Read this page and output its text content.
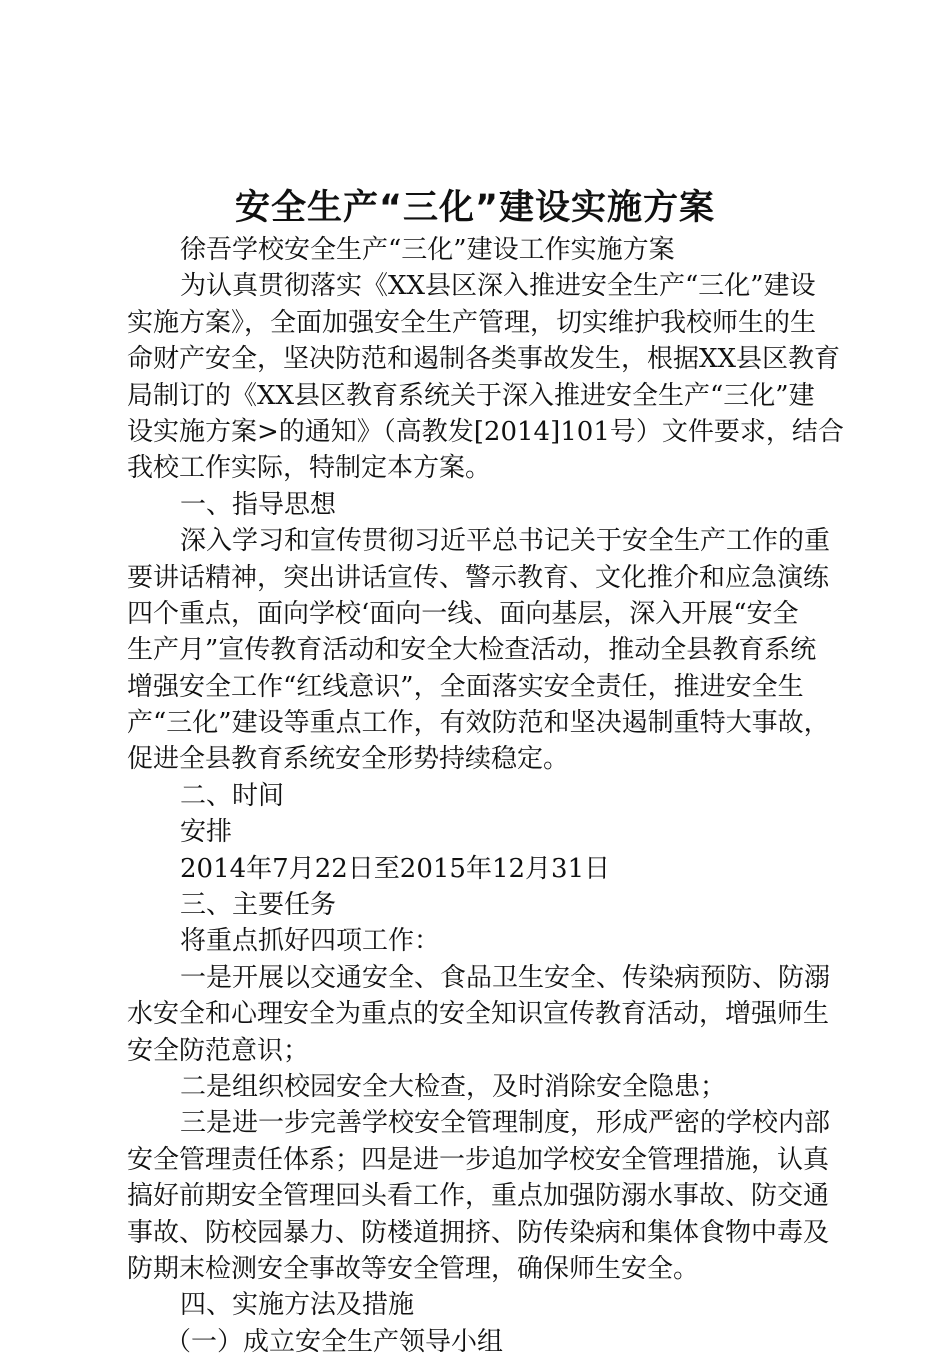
安全生产“三化”建设实施方案
徐吾学校安全生产“三化”建设工作实施方案
为认真贯彻落实《XX县区深入推进安全生产“三化”建设
实施方案》，全面加强安全生产管理，切实维护我校师生的生
命财产安全，坚决防范和遏制各类事故发生，根据XX县区教育
局制订的《XX县区教育系统关于深入推进安全生产“三化”建
设实施方案>的通知》（高教发[2014]101号）文件要求，结合
我校工作实际，特制定本方案。
一、指导思想
深入学习和宣传贯彻习近平总书记关于安全生产工作的重
要讲话精神，突出讲话宣传、警示教育、文化推介和应急演练
四个重点，面向学校‘面向一线、面向基层，深入开展“安全
生产月”宣传教育活动和安全大检查活动，推动全县教育系统
增强安全工作“红线意识”，全面落实安全责任，推进安全生
产“三化”建设等重点工作，有效防范和坚决遏制重特大事故，
促进全县教育系统安全形势持续稳定。
二、时间
安排
2014年7月22日至2015年12月31日
三、主要任务
将重点抓好四项工作：
一是开展以交通安全、食品卫生安全、传染病预防、防溺
水安全和心理安全为重点的安全知识宣传教育活动，增强师生
安全防范意识；
二是组织校园安全大检查，及时消除安全隐患；
三是进一步完善学校安全管理制度，形成严密的学校内部
安全管理责任体系；四是进一步追加学校安全管理措施，认真
搞好前期安全管理回头看工作，重点加强防溺水事故、防交通
事故、防校园暴力、防楼道拥挤、防传染病和集体食物中毒及
防期末检测安全事故等安全管理，确保师生安全。
四、实施方法及措施
（一）成立安全生产领导小组
